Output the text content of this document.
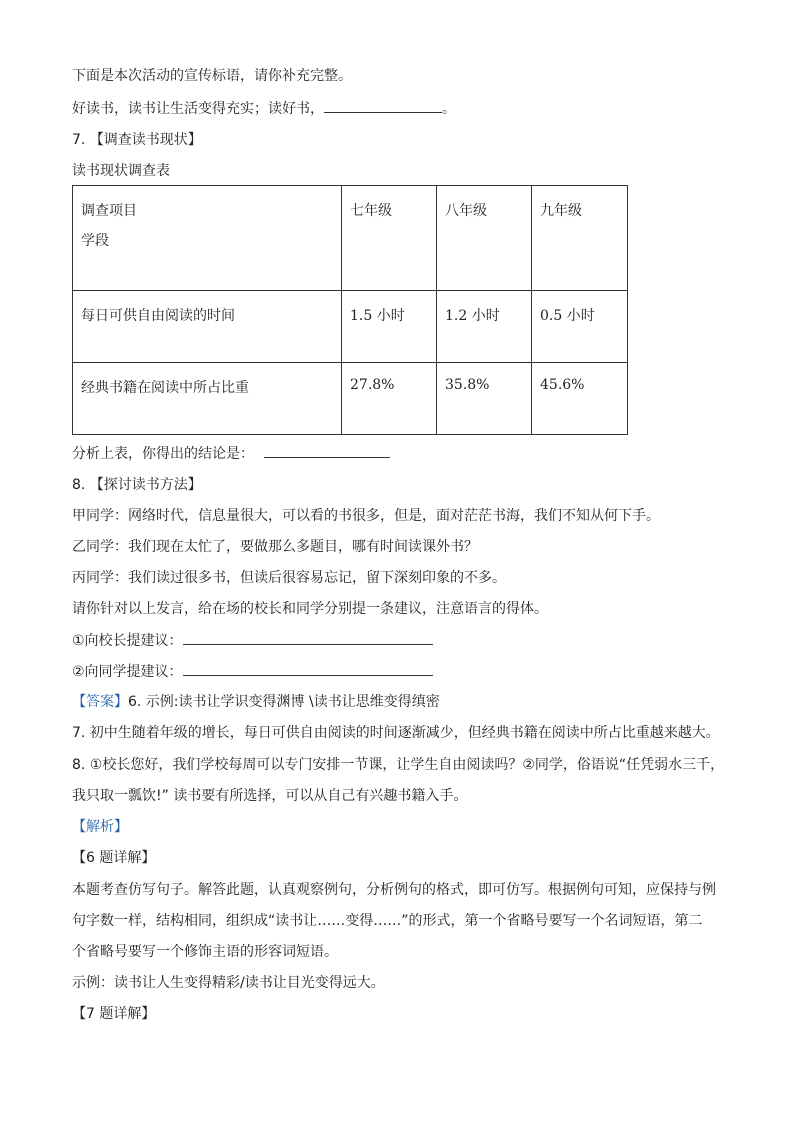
下面是本次活动的宣传标语，请你补充完整。
好读书，读书让生活变得充实；读好书，	。
7. 【调查读书现状】
读书现状调查表
调查项目
学段	七年级	八年级	九年级
每日可供自由阅读的时间	1.5 小时	1.2 小时	0.5 小时
经典书籍在阅读中所占比重	27.8%	35.8%	45.6%
分析上表，你得出的结论是：
8. 【探讨读书方法】
甲同学：网络时代，信息量很大，可以看的书很多，但是，面对茫茫书海，我们不知从何下手。
乙同学：我们现在太忙了，要做那么多题目，哪有时间读课外书？
丙同学：我们读过很多书，但读后很容易忘记，留下深刻印象的不多。
请你针对以上发言，给在场的校长和同学分别提一条建议，注意语言的得体。
①向校长提建议：
②向同学提建议：
【答案】6. 示例:读书让学识变得渊博 \读书让思维变得缜密
7. 初中生随着年级的增长，每日可供自由阅读的时间逐渐减少，但经典书籍在阅读中所占比重越来越大。
8. ①校长您好，我们学校每周可以专门安排一节课，让学生自由阅读吗？②同学，俗语说“任凭弱水三千，
我只取一瓢饮!” 读书要有所选择，可以从自己有兴趣书籍入手。
【解析】
【6 题详解】
本题考查仿写句子。解答此题，认真观察例句，分析例句的格式，即可仿写。根据例句可知，应保持与例
句字数一样，结构相同，组织成“读书让……变得……”的形式，第一个省略号要写一个名词短语，第二
个省略号要写一个修饰主语的形容词短语。
示例：读书让人生变得精彩/读书让目光变得远大。
【7 题详解】
